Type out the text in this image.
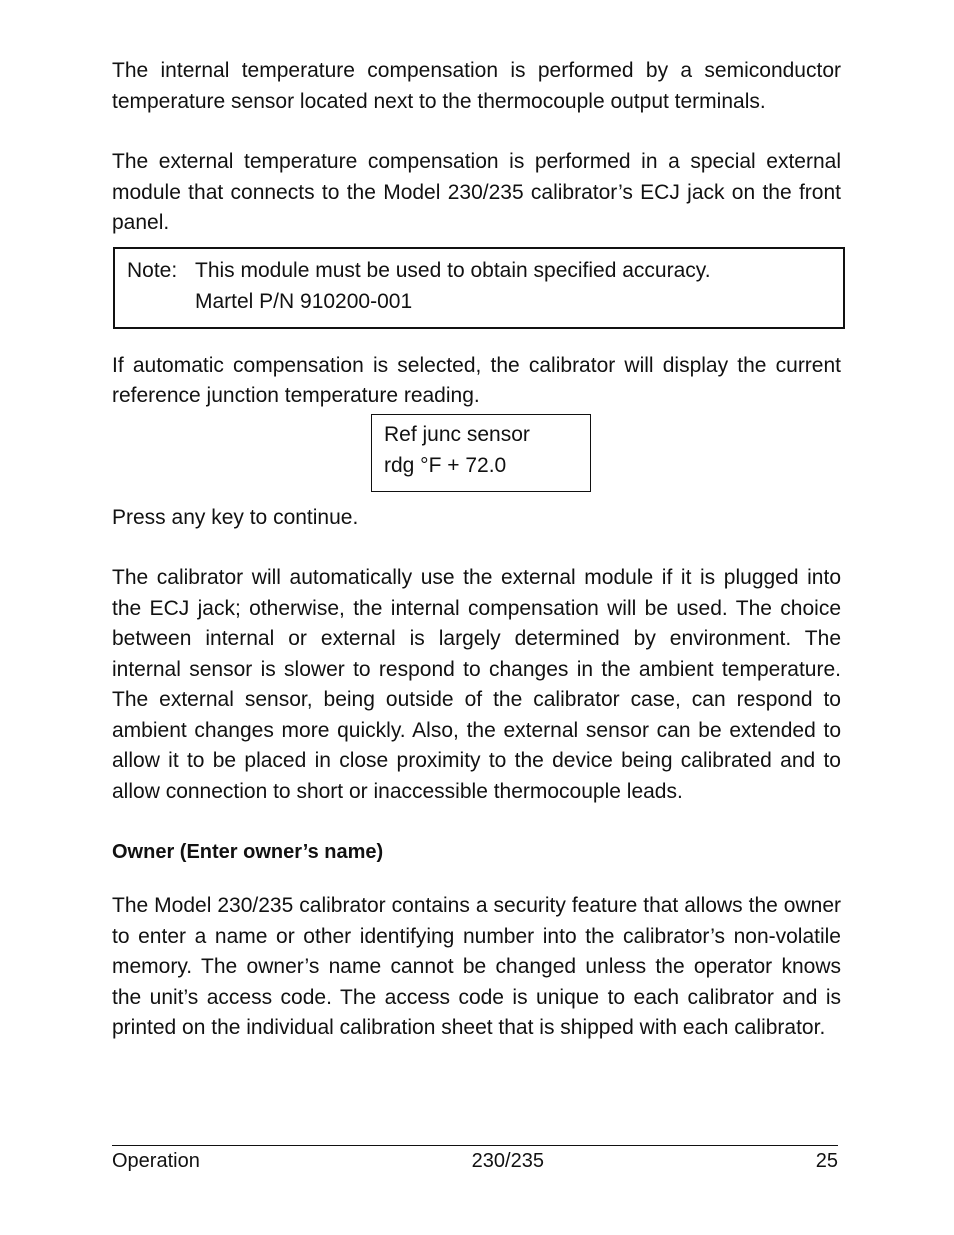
The internal temperature compensation is performed by a semiconductor temperature sensor located next to the thermocouple output terminals.

The external temperature compensation is performed in a special external module that connects to the Model 230/235 calibrator’s ECJ jack on the front panel.

Note: This module must be used to obtain specified accuracy.
Martel P/N 910200-001

If automatic compensation is selected, the calibrator will display the current reference junction temperature reading.

Ref junc sensor
rdg °F + 72.0

Press any key to continue.

The calibrator will automatically use the external module if it is plugged into the ECJ jack; otherwise, the internal compensation will be used. The choice between internal or external is largely determined by environment. The internal sensor is slower to respond to changes in the ambient temperature. The external sensor, being outside of the calibrator case, can respond to ambient changes more quickly. Also, the external sensor can be extended to allow it to be placed in close proximity to the device being calibrated and to allow connection to short or inaccessible thermocouple leads.

Owner (Enter owner’s name)

The Model 230/235 calibrator contains a security feature that allows the owner to enter a name or other identifying number into the calibrator’s non-volatile memory. The owner’s name cannot be changed unless the operator knows the unit’s access code. The access code is unique to each calibrator and is printed on the individual calibration sheet that is shipped with each calibrator.

Operation	230/235	25
